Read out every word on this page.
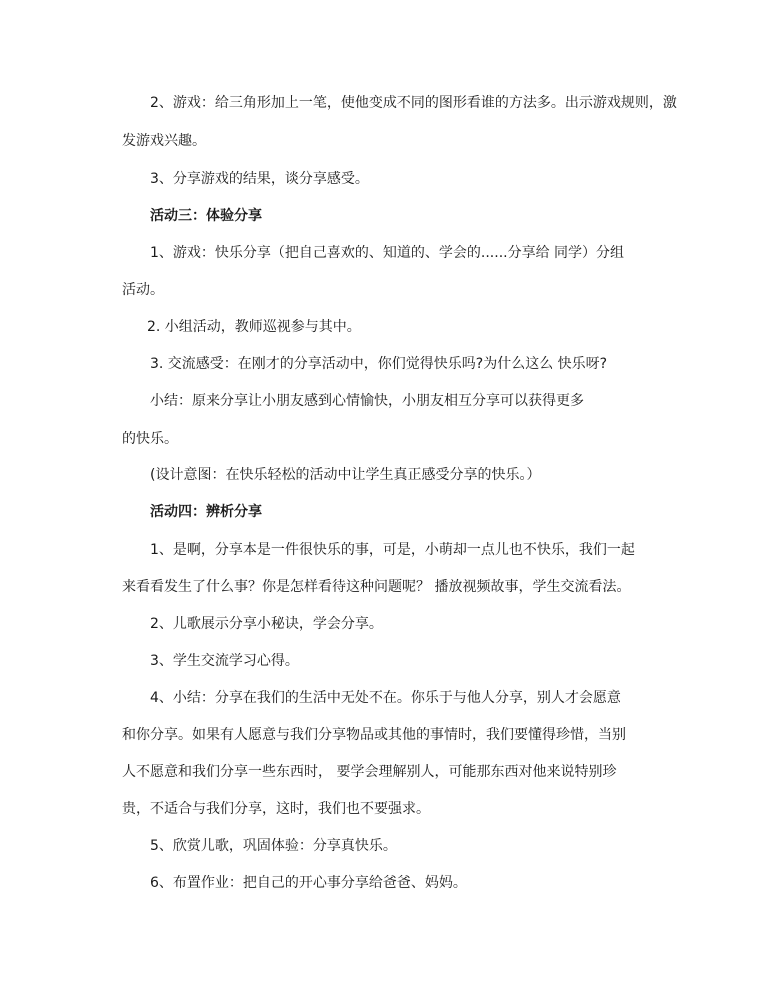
2、游戏：给三角形加上一笔，使他变成不同的图形看谁的方法多。出示游戏规则，激
发游戏兴趣。
3、分享游戏的结果，谈分享感受。
活动三：体验分享
1、游戏：快乐分享（把自己喜欢的、知道的、学会的......分享给 同学）分组
活动。
2. 小组活动，教师巡视参与其中。
3. 交流感受：在刚才的分享活动中，你们觉得快乐吗?为什么这么 快乐呀?
小结：原来分享让小朋友感到心情愉快，小朋友相互分享可以获得更多
的快乐。
(设计意图：在快乐轻松的活动中让学生真正感受分享的快乐。）
活动四：辨析分享
1、是啊，分享本是一件很快乐的事，可是，小萌却一点儿也不快乐，我们一起
来看看发生了什么事？你是怎样看待这种问题呢？ 播放视频故事，学生交流看法。
2、儿歌展示分享小秘诀，学会分享。
3、学生交流学习心得。
4、小结：分享在我们的生活中无处不在。你乐于与他人分享，别人才会愿意
和你分享。如果有人愿意与我们分享物品或其他的事情时，我们要懂得珍惜，当别
人不愿意和我们分享一些东西时， 要学会理解别人，可能那东西对他来说特别珍
贵，不适合与我们分享，这时，我们也不要强求。
5、欣赏儿歌，巩固体验：分享真快乐。
6、布置作业：把自己的开心事分享给爸爸、妈妈。
